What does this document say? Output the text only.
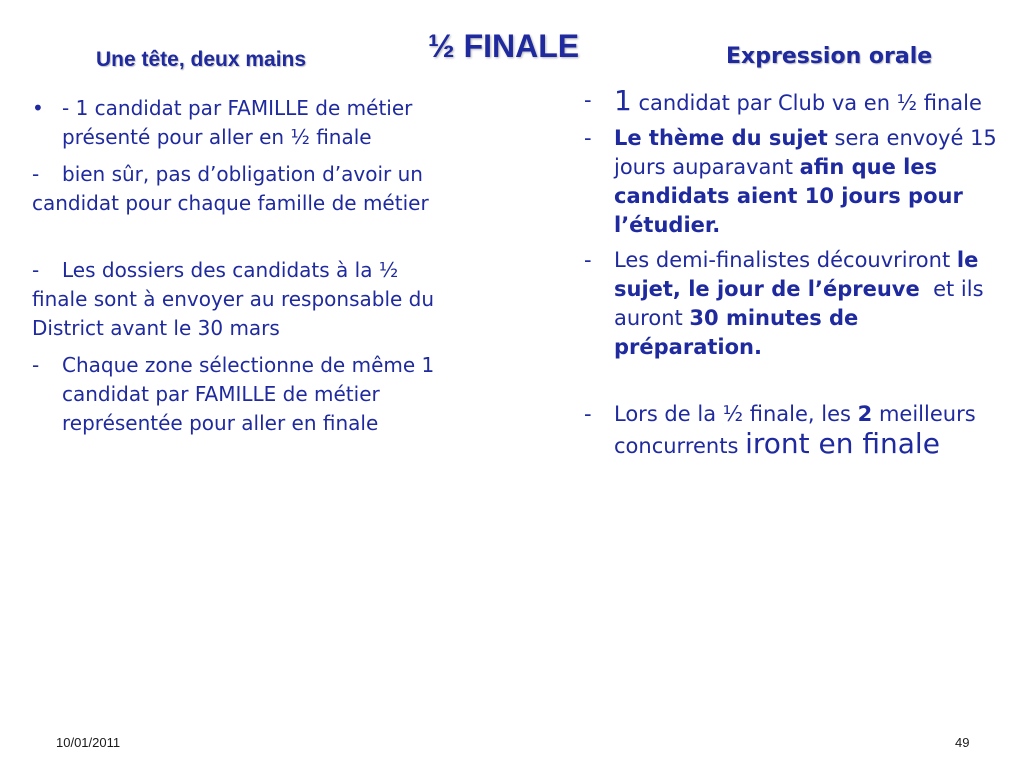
Une tête, deux mains	½ FINALE	Expression orale

• - 1 candidat par FAMILLE de métier présenté pour aller en ½ finale

- bien sûr, pas d’obligation d’avoir un candidat pour chaque famille de métier

- Les dossiers des candidats à la ½ finale sont à envoyer au responsable du District avant le 30 mars

- Chaque zone sélectionne de même 1 candidat par FAMILLE de métier représentée pour aller en finale

- 1 candidat par Club va en ½ finale

- Le thème du sujet sera envoyé 15 jours auparavant afin que les candidats aient 10 jours pour l’étudier.

- Les demi-finalistes découvriront le sujet, le jour de l’épreuve  et ils auront 30 minutes de préparation.

- Lors de la ½ finale, les 2 meilleurs concurrents iront en finale

10/01/2011	49
